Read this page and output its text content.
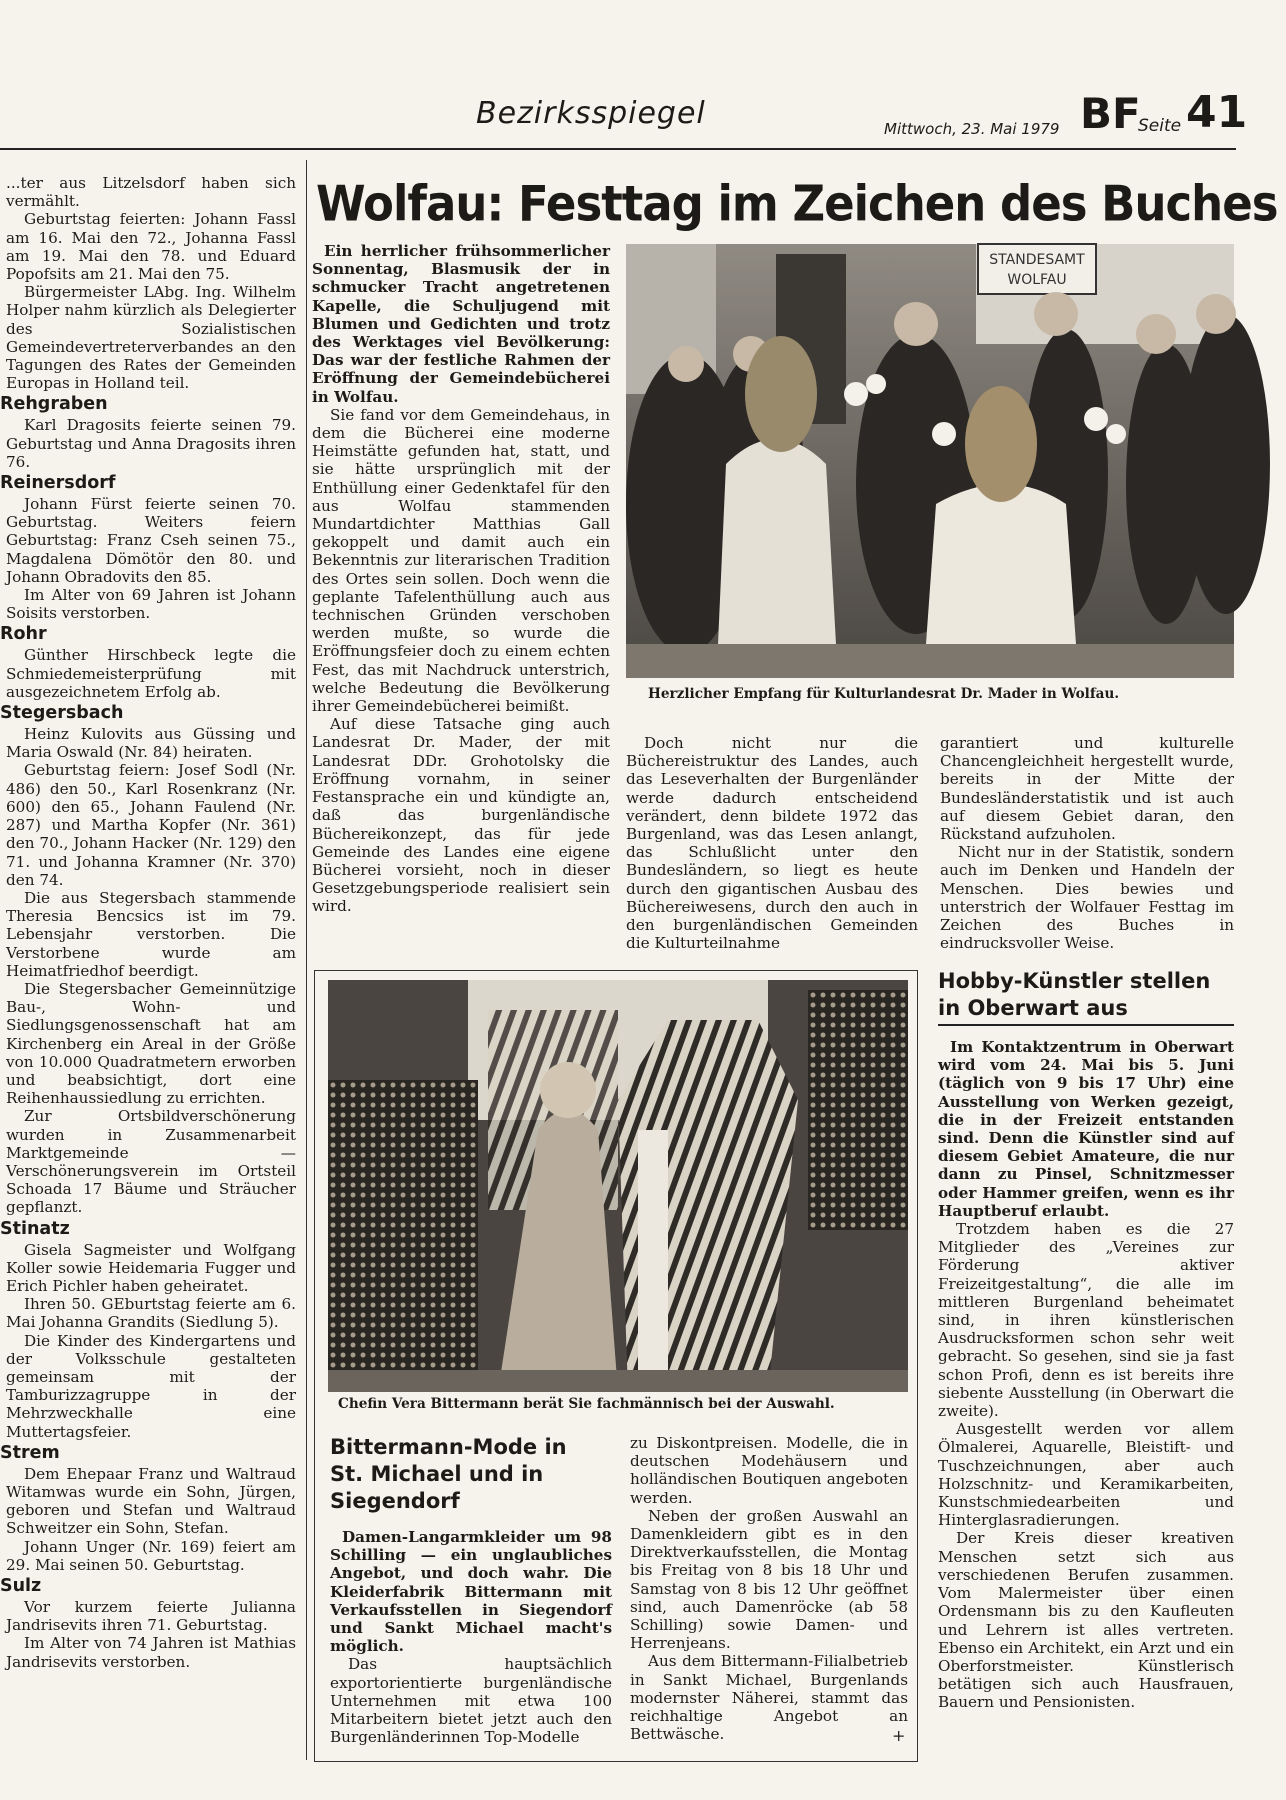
Bezirksspiegel	Mittwoch, 23. Mai 1979 BF
Seite 41

...ter aus Litzelsdorf haben sich vermählt.

Geburtstag feierten: Johann Fassl am 16. Mai den 72., Johanna Fassl am 19. Mai den 78. und Eduard Popofsits am 21. Mai den 75.

Bürgermeister LAbg. Ing. Wilhelm Holper nahm kürzlich als Delegierter des Sozialistischen Gemeindevertreterverbandes an den Tagungen des Rates der Gemeinden Europas in Holland teil.

Rehgraben

Karl Dragosits feierte seinen 79. Geburtstag und Anna Dragosits ihren 76.

Reinersdorf

Johann Fürst feierte seinen 70. Geburtstag. Weiters feiern Geburtstag: Franz Cseh seinen 75., Magdalena Dömötör den 80. und Johann Obradovits den 85.

Im Alter von 69 Jahren ist Johann Soisits verstorben.

Rohr

Günther Hirschbeck legte die Schmiedemeisterprüfung mit ausgezeichnetem Erfolg ab.

Stegersbach

Heinz Kulovits aus Güssing und Maria Oswald (Nr. 84) heiraten.

Geburtstag feiern: Josef Sodl (Nr. 486) den 50., Karl Rosenkranz (Nr. 600) den 65., Johann Faulend (Nr. 287) und Martha Kopfer (Nr. 361) den 70., Johann Hacker (Nr. 129) den 71. und Johanna Kramner (Nr. 370) den 74.

Die aus Stegersbach stammende Theresia Bencsics ist im 79. Lebensjahr verstorben. Die Verstorbene wurde am Heimatfriedhof beerdigt.

Die Stegersbacher Gemeinnützige Bau-, Wohn- und Siedlungsgenossenschaft hat am Kirchenberg ein Areal in der Größe von 10.000 Quadratmetern erworben und beabsichtigt, dort eine Reihenhaussiedlung zu errichten.

Zur Ortsbildverschönerung wurden in Zusammenarbeit Marktgemeinde — Verschönerungsverein im Ortsteil Schoada 17 Bäume und Sträucher gepflanzt.

Stinatz

Gisela Sagmeister und Wolfgang Koller sowie Heidemaria Fugger und Erich Pichler haben geheiratet.

Ihren 50. GEburtstag feierte am 6. Mai Johanna Grandits (Siedlung 5).

Die Kinder des Kindergartens und der Volksschule gestalteten gemeinsam mit der Tamburizzagruppe in der Mehrzweckhalle eine Muttertagsfeier.

Strem

Dem Ehepaar Franz und Waltraud Witamwas wurde ein Sohn, Jürgen, geboren und Stefan und Waltraud Schweitzer ein Sohn, Stefan.

Johann Unger (Nr. 169) feiert am 29. Mai seinen 50. Geburtstag.

Sulz

Vor kurzem feierte Julianna Jandrisevits ihren 71. Geburtstag.

Im Alter von 74 Jahren ist Mathias Jandrisevits verstorben.

Wolfau: Festtag im Zeichen des Buches

Ein herrlicher frühsommerlicher Sonnentag, Blasmusik der in schmucker Tracht angetretenen Kapelle, die Schuljugend mit Blumen und Gedichten und trotz des Werktages viel Bevölkerung: Das war der festliche Rahmen der Eröffnung der Gemeindebücherei in Wolfau.

Sie fand vor dem Gemeindehaus, in dem die Bücherei eine moderne Heimstätte gefunden hat, statt, und sie hätte ursprünglich mit der Enthüllung einer Gedenktafel für den aus Wolfau stammenden Mundartdichter Matthias Gall gekoppelt und damit auch ein Bekenntnis zur literarischen Tradition des Ortes sein sollen. Doch wenn die geplante Tafelenthüllung auch aus technischen Gründen verschoben werden mußte, so wurde die Eröffnungsfeier doch zu einem echten Fest, das mit Nachdruck unterstrich, welche Bedeutung die Bevölkerung ihrer Gemeindebücherei beimißt.

Auf diese Tatsache ging auch Landesrat Dr. Mader, der mit Landesrat DDr. Grohotolsky die Eröffnung vornahm, in seiner Festansprache ein und kündigte an, daß das burgenländische Büchereikonzept, das für jede Gemeinde des Landes eine eigene Bücherei vorsieht, noch in dieser Gesetzgebungsperiode realisiert sein wird.

STANDESAMT
WOLFAU
Herzlicher Empfang für Kulturlandesrat Dr. Mader in Wolfau.

Doch nicht nur die Büchereistruktur des Landes, auch das Leseverhalten der Burgenländer werde dadurch entscheidend verändert, denn bildete 1972 das Burgenland, was das Lesen anlangt, das Schlußlicht unter den Bundesländern, so liegt es heute durch den gigantischen Ausbau des Büchereiwesens, durch den auch in den burgenländischen Gemeinden die Kulturteilnahme

garantiert und kulturelle Chancengleichheit hergestellt wurde, bereits in der Mitte der Bundesländerstatistik und ist auch auf diesem Gebiet daran, den Rückstand aufzuholen.

Nicht nur in der Statistik, sondern auch im Denken und Handeln der Menschen. Dies bewies und unterstrich der Wolfauer Festtag im Zeichen des Buches in eindrucksvoller Weise.

Chefin Vera Bittermann berät Sie fachmännisch bei der Auswahl.
Bittermann-Mode in
St. Michael und in
Siegendorf

Damen-Langarmkleider um 98 Schilling — ein unglaubliches Angebot, und doch wahr. Die Kleiderfabrik Bittermann mit Verkaufsstellen in Siegendorf und Sankt Michael macht's möglich.

Das hauptsächlich exportorientierte burgenländische Unternehmen mit etwa 100 Mitarbeitern bietet jetzt auch den Burgenländerinnen Top-Modelle

zu Diskontpreisen. Modelle, die in deutschen Modehäusern und holländischen Boutiquen angeboten werden.

Neben der großen Auswahl an Damenkleidern gibt es in den Direktverkaufsstellen, die Montag bis Freitag von 8 bis 18 Uhr und Samstag von 8 bis 12 Uhr geöffnet sind, auch Damenröcke (ab 58 Schilling) sowie Damen- und Herrenjeans.

Aus dem Bittermann-Filialbetrieb in Sankt Michael, Burgenlands modernster Näherei, stammt das reichhaltige Angebot an Bettwäsche.	+
Hobby-Künstler stellen
in Oberwart aus

Im Kontaktzentrum in Oberwart wird vom 24. Mai bis 5. Juni (täglich von 9 bis 17 Uhr) eine Ausstellung von Werken gezeigt, die in der Freizeit entstanden sind. Denn die Künstler sind auf diesem Gebiet Amateure, die nur dann zu Pinsel, Schnitzmesser oder Hammer greifen, wenn es ihr Hauptberuf erlaubt.

Trotzdem haben es die 27 Mitglieder des „Vereines zur Förderung aktiver Freizeitgestaltung“, die alle im mittleren Burgenland beheimatet sind, in ihren künstlerischen Ausdrucksformen schon sehr weit gebracht. So gesehen, sind sie ja fast schon Profi, denn es ist bereits ihre siebente Ausstellung (in Oberwart die zweite).

Ausgestellt werden vor allem Ölmalerei, Aquarelle, Bleistift- und Tuschzeichnungen, aber auch Holzschnitz- und Keramikarbeiten, Kunstschmiedearbeiten und Hinterglasradierungen.

Der Kreis dieser kreativen Menschen setzt sich aus verschiedenen Berufen zusammen. Vom Malermeister über einen Ordensmann bis zu den Kaufleuten und Lehrern ist alles vertreten. Ebenso ein Architekt, ein Arzt und ein Oberforstmeister. Künstlerisch betätigen sich auch Hausfrauen, Bauern und Pensionisten.
